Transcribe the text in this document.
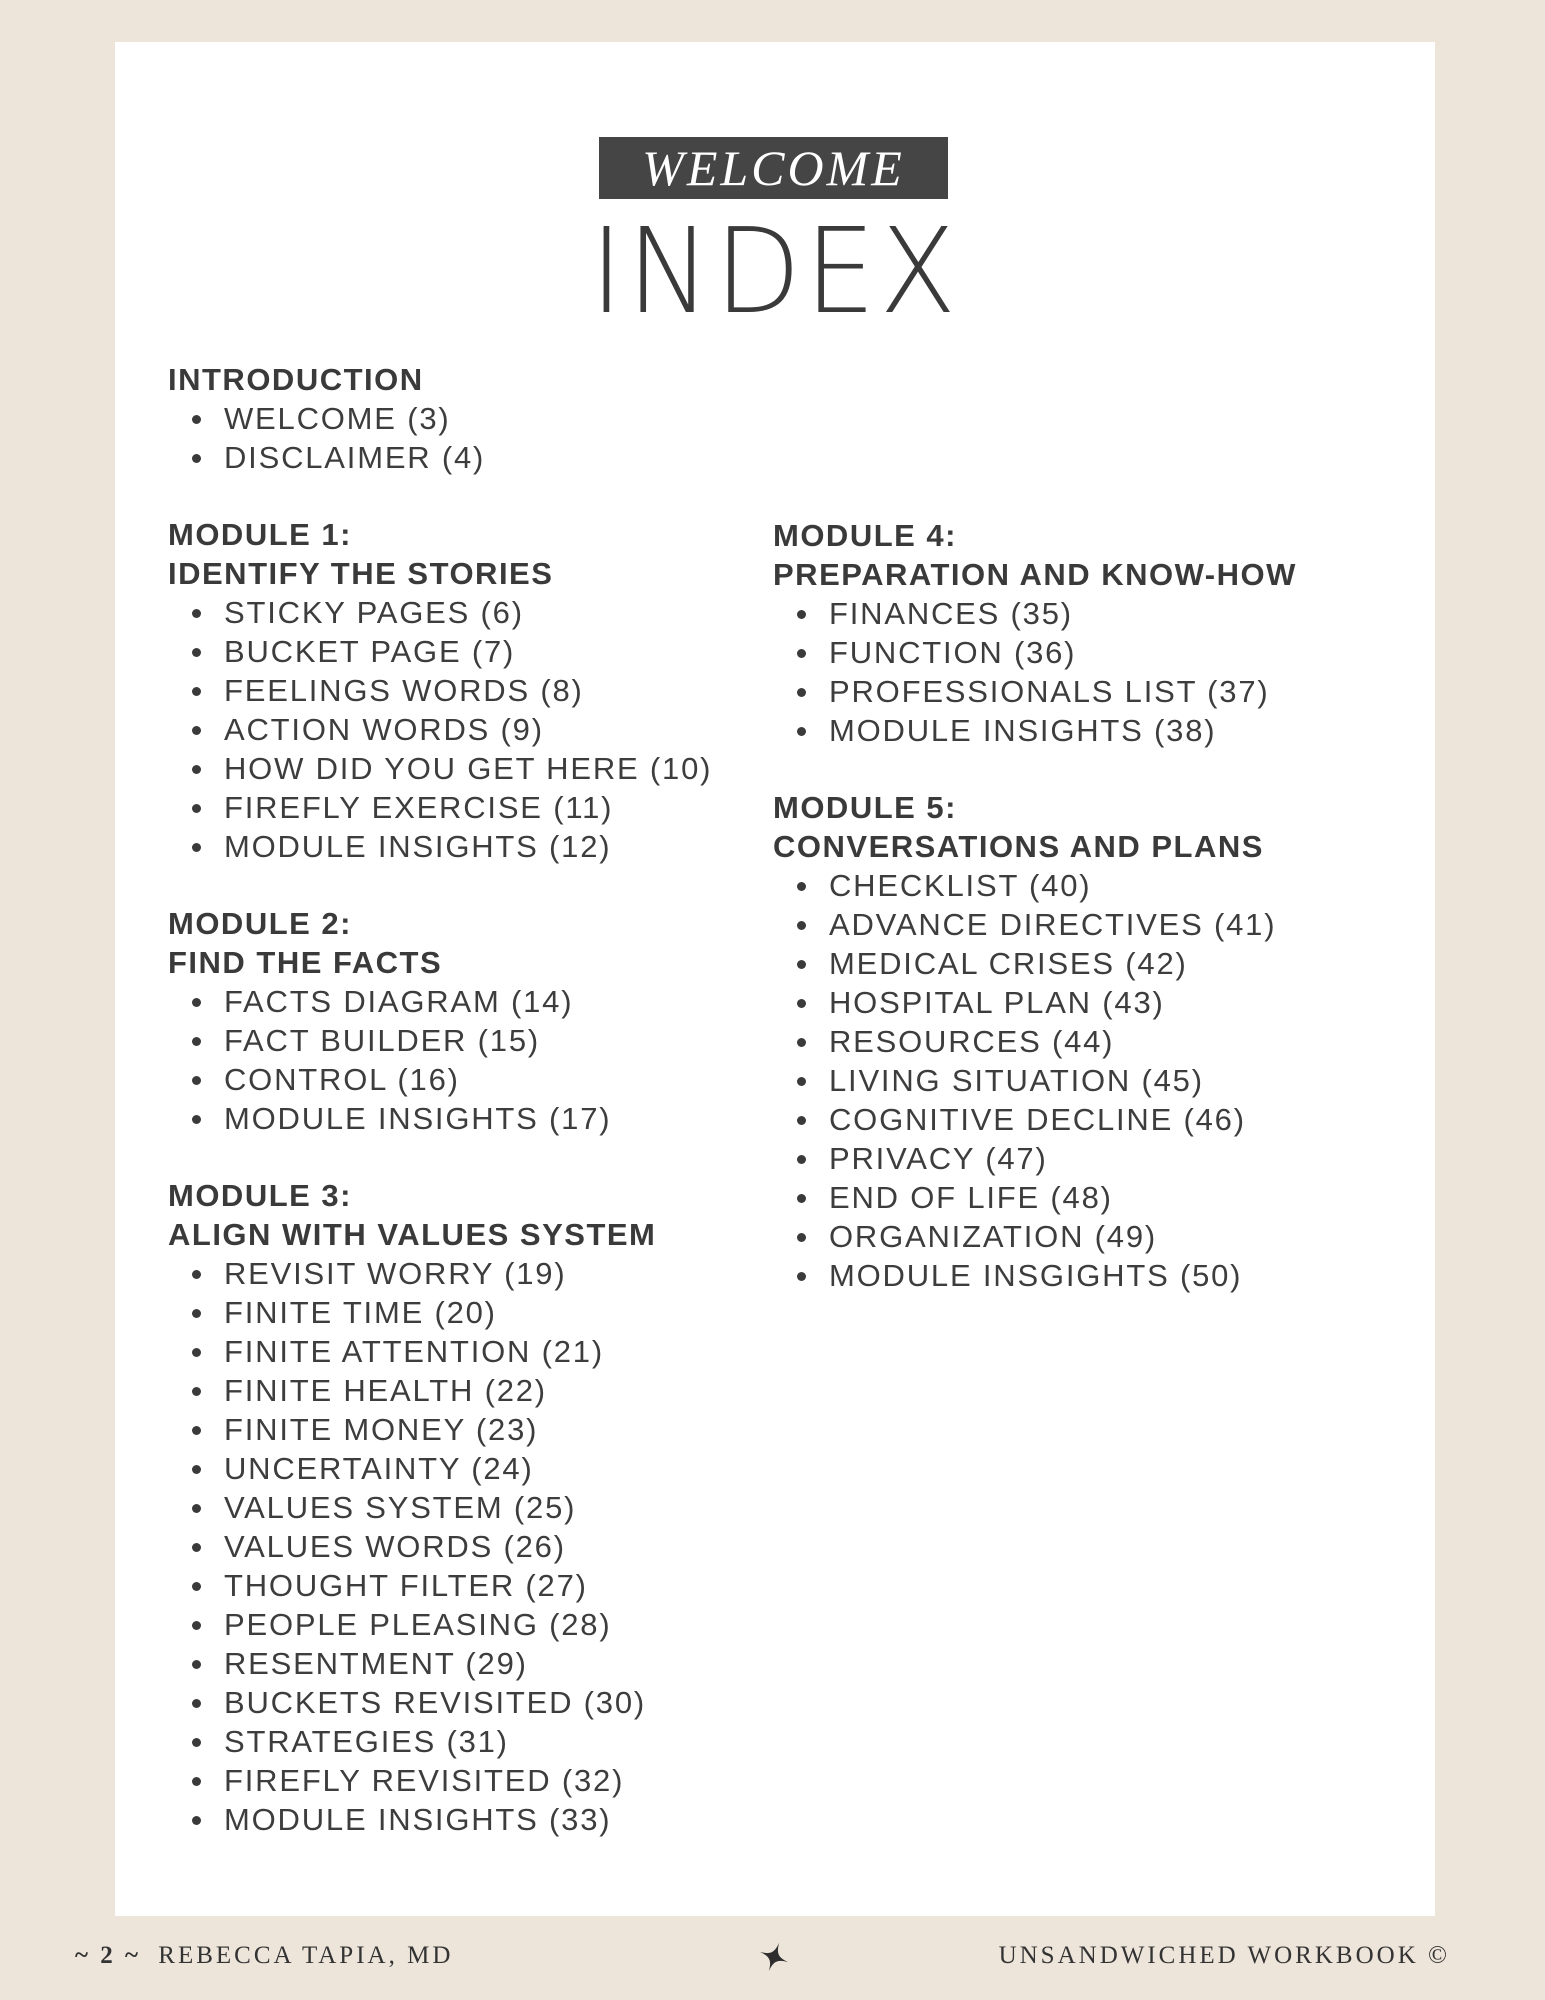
WELCOME
INDEX
INTRODUCTION
WELCOME (3)
DISCLAIMER (4)
MODULE 1:
IDENTIFY THE STORIES
STICKY PAGES (6)
BUCKET PAGE (7)
FEELINGS WORDS (8)
ACTION WORDS (9)
HOW DID YOU GET HERE (10)
FIREFLY EXERCISE (11)
MODULE INSIGHTS (12)
MODULE 2:
FIND THE FACTS
FACTS DIAGRAM (14)
FACT BUILDER (15)
CONTROL (16)
MODULE INSIGHTS (17)
MODULE 3:
ALIGN WITH VALUES SYSTEM
REVISIT WORRY (19)
FINITE TIME (20)
FINITE ATTENTION (21)
FINITE HEALTH (22)
FINITE MONEY (23)
UNCERTAINTY (24)
VALUES SYSTEM (25)
VALUES WORDS (26)
THOUGHT FILTER (27)
PEOPLE PLEASING (28)
RESENTMENT (29)
BUCKETS REVISITED (30)
STRATEGIES (31)
FIREFLY REVISITED (32)
MODULE INSIGHTS (33)
MODULE 4:
PREPARATION AND KNOW-HOW
FINANCES (35)
FUNCTION (36)
PROFESSIONALS LIST (37)
MODULE INSIGHTS (38)
MODULE 5:
CONVERSATIONS AND PLANS
CHECKLIST (40)
ADVANCE DIRECTIVES (41)
MEDICAL CRISES (42)
HOSPITAL PLAN (43)
RESOURCES (44)
LIVING SITUATION (45)
COGNITIVE DECLINE (46)
PRIVACY (47)
END OF LIFE (48)
ORGANIZATION (49)
MODULE INSGIGHTS (50)
~ 2 ~ REBECCA TAPIA, MD	UNSANDWICHED WORKBOOK ©
